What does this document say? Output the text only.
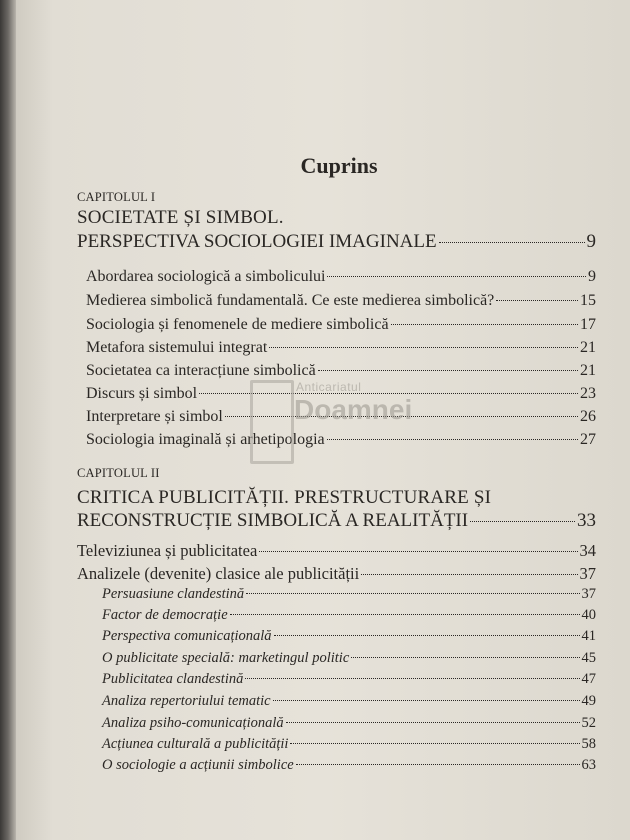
Cuprins
CAPITOLUL I
SOCIETATE ȘI SIMBOL.
PERSPECTIVA SOCIOLOGIEI IMAGINALE	9
Abordarea sociologică a simbolicului	9
Medierea simbolică fundamentală. Ce este medierea simbolică?	15
Sociologia și fenomenele de mediere simbolică	17
Metafora sistemului integrat	21
Societatea ca interacțiune simbolică	21
Discurs și simbol	23
Interpretare și simbol	26
Sociologia imaginală și arhetipologia	27
CAPITOLUL II
CRITICA PUBLICITĂȚII. PRESTRUCTURARE ȘI
RECONSTRUCȚIE SIMBOLICĂ A REALITĂȚII	33
Televiziunea și publicitatea	34
Analizele (devenite) clasice ale publicității	37
Persuasiune clandestină	37
Factor de democrație	40
Perspectiva comunicațională	41
O publicitate specială: marketingul politic	45
Publicitatea clandestină	47
Analiza repertoriului tematic	49
Analiza psiho-comunicațională	52
Acțiunea culturală a publicității	58
O sociologie a acțiunii simbolice	63
Anticariatul
Doamnei
